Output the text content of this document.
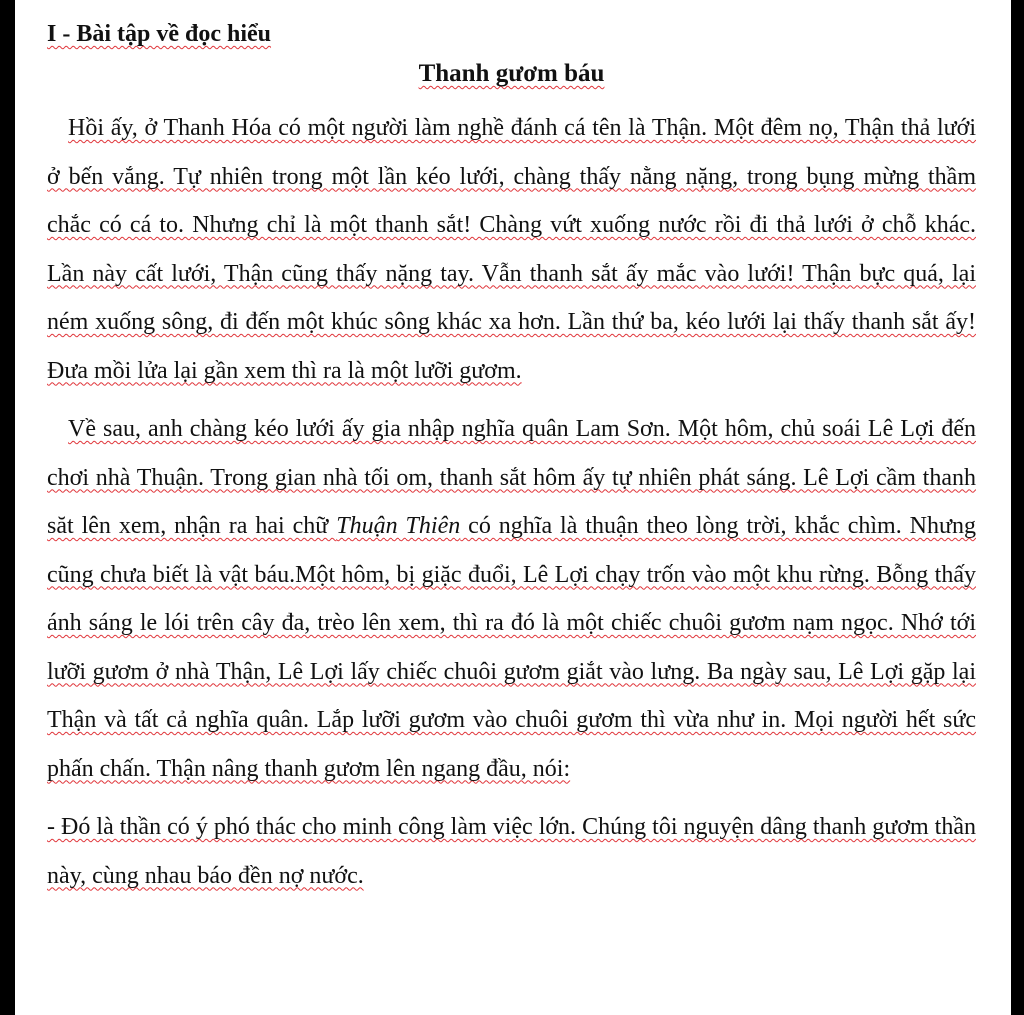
I - Bài tập về đọc hiểu
Thanh gươm báu

Hồi ấy, ở Thanh Hóa có một người làm nghề đánh cá tên là Thận. Một đêm nọ, Thận thả lưới ở bến vắng. Tự nhiên trong một lần kéo lưới, chàng thấy nằng nặng, trong bụng mừng thầm chắc có cá to. Nhưng chỉ là một thanh sắt! Chàng vứt xuống nước rồi đi thả lưới ở chỗ khác. Lần này cất lưới, Thận cũng thấy nặng tay. Vẫn thanh sắt ấy mắc vào lưới! Thận bực quá, lại ném xuống sông, đi đến một khúc sông khác xa hơn. Lần thứ ba, kéo lưới lại thấy thanh sắt ấy! Đưa mồi lửa lại gần xem thì ra là một lưỡi gươm.

Về sau, anh chàng kéo lưới ấy gia nhập nghĩa quân Lam Sơn. Một hôm, chủ soái Lê Lợi đến chơi nhà Thuận. Trong gian nhà tối om, thanh sắt hôm ấy tự nhiên phát sáng. Lê Lợi cầm thanh săt lên xem, nhận ra hai chữ Thuận Thiên có nghĩa là thuận theo lòng trời, khắc chìm. Nhưng cũng chưa biết là vật báu.Một hôm, bị giặc đuổi, Lê Lợi chạy trốn vào một khu rừng. Bỗng thấy ánh sáng le lói trên cây đa, trèo lên xem, thì ra đó là một chiếc chuôi gươm nạm ngọc. Nhớ tới lưỡi gươm ở nhà Thận, Lê Lợi lấy chiếc chuôi gươm giắt vào lưng. Ba ngày sau, Lê Lợi gặp lại Thận và tất cả nghĩa quân. Lắp lưỡi gươm vào chuôi gươm thì vừa như in. Mọi người hết sức phấn chấn. Thận nâng thanh gươm lên ngang đầu, nói:

- Đó là thần có ý phó thác cho minh công làm việc lớn. Chúng tôi nguyện dâng thanh gươm thần này, cùng nhau báo đền nợ nước.
